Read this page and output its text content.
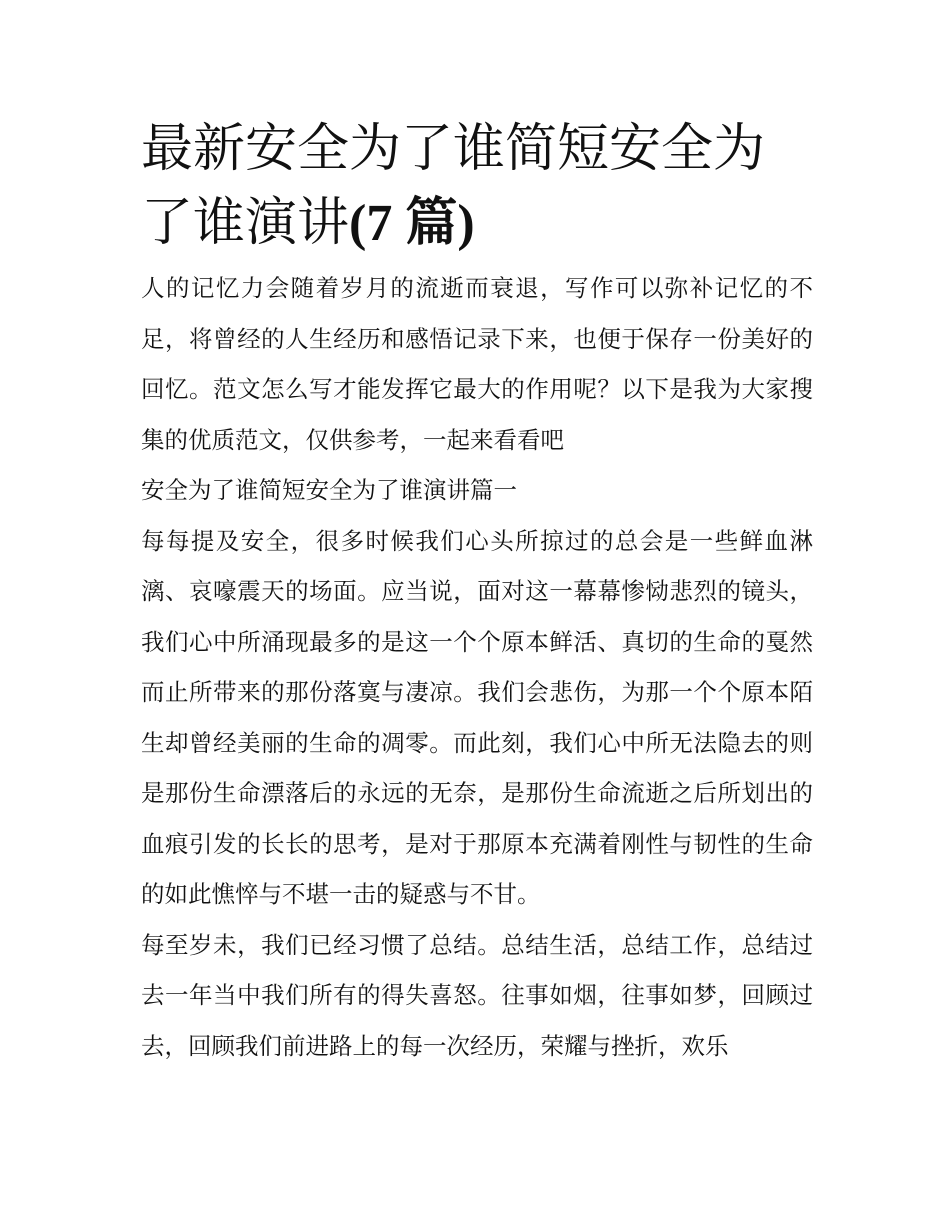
最新安全为了谁简短安全为了谁演讲(7 篇)

人的记忆力会随着岁月的流逝而衰退，写作可以弥补记忆的不足，将曾经的人生经历和感悟记录下来，也便于保存一份美好的回忆。范文怎么写才能发挥它最大的作用呢？以下是我为大家搜集的优质范文，仅供参考，一起来看看吧

安全为了谁简短安全为了谁演讲篇一

每每提及安全，很多时候我们心头所掠过的总会是一些鲜血淋漓、哀嚎震天的场面。应当说，面对这一幕幕惨恸悲烈的镜头，我们心中所涌现最多的是这一个个原本鲜活、真切的生命的戛然而止所带来的那份落寞与凄凉。我们会悲伤，为那一个个原本陌生却曾经美丽的生命的凋零。而此刻，我们心中所无法隐去的则是那份生命漂落后的永远的无奈，是那份生命流逝之后所划出的血痕引发的长长的思考，是对于那原本充满着刚性与韧性的生命的如此憔悴与不堪一击的疑惑与不甘。

每至岁未，我们已经习惯了总结。总结生活，总结工作，总结过去一年当中我们所有的得失喜怒。往事如烟，往事如梦，回顾过去，回顾我们前进路上的每一次经历，荣耀与挫折，欢乐
